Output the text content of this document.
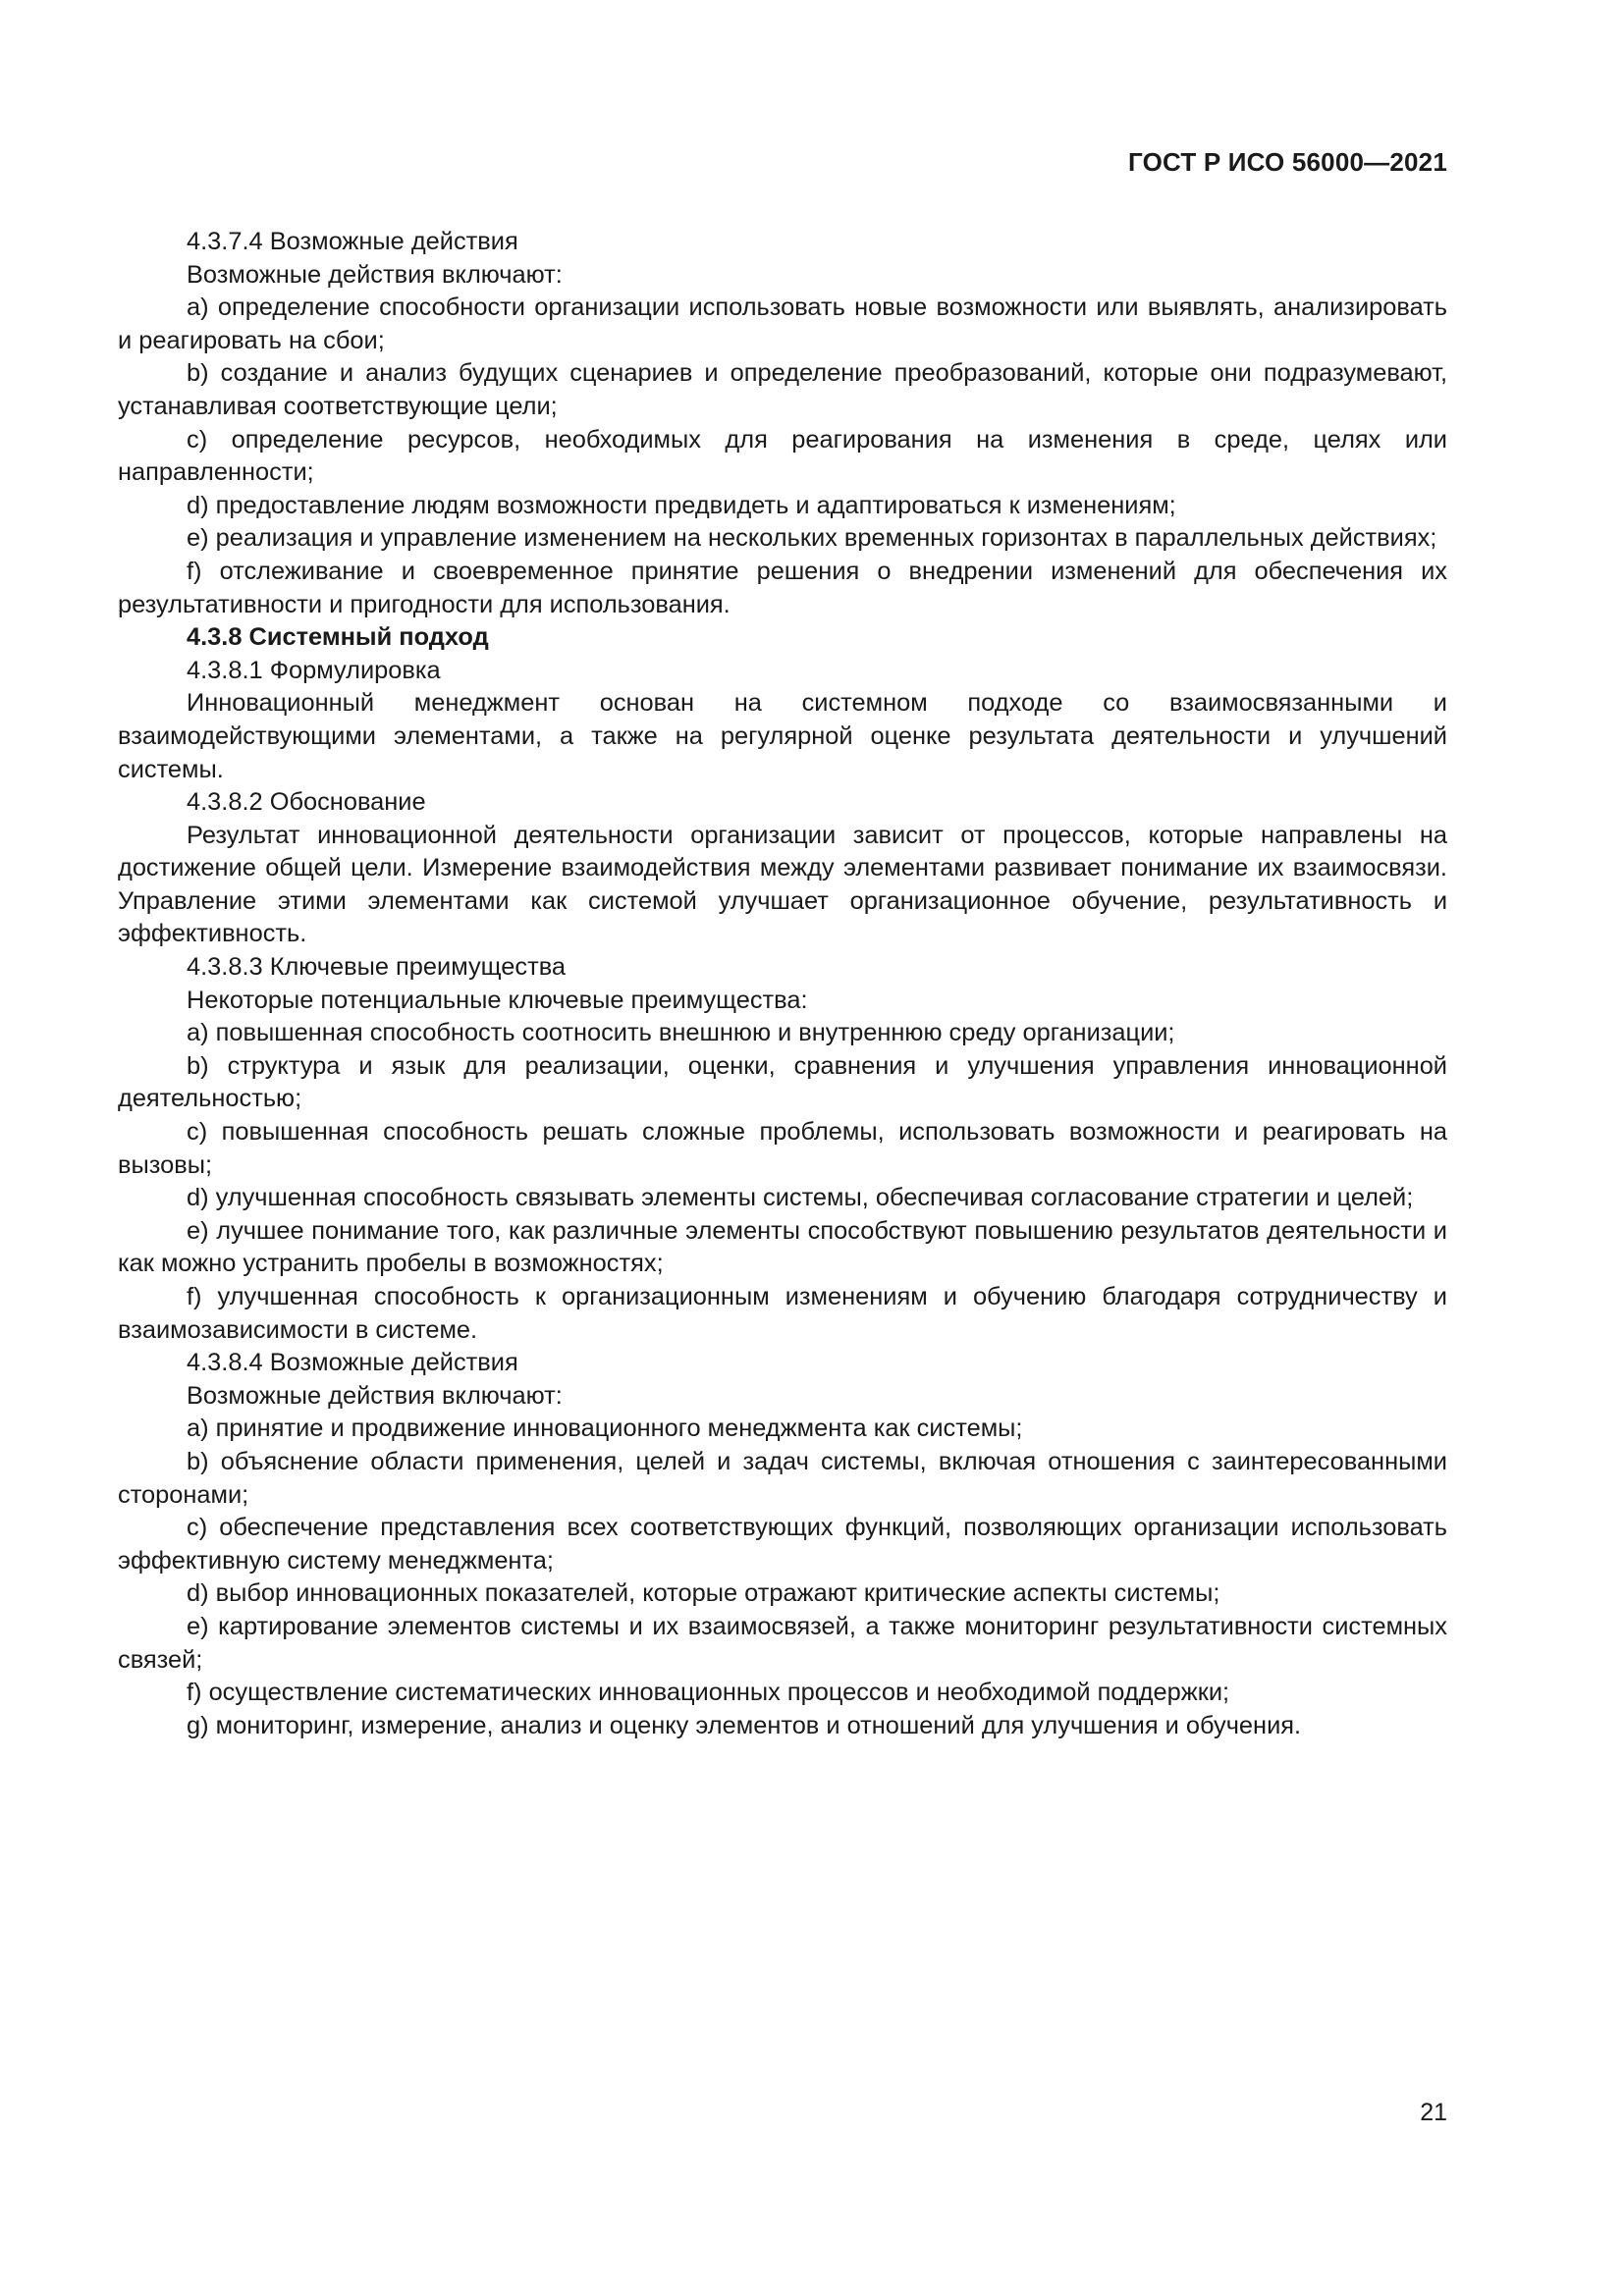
ГОСТ Р ИСО 56000—2021

4.3.7.4 Возможные действия

Возможные действия включают:

a) определение способности организации использовать новые возможности или выявлять, анализировать и реагировать на сбои;

b) создание и анализ будущих сценариев и определение преобразований, которые они подразумевают, устанавливая соответствующие цели;

c) определение ресурсов, необходимых для реагирования на изменения в среде, целях или направленности;

d) предоставление людям возможности предвидеть и адаптироваться к изменениям;

e) реализация и управление изменением на нескольких временных горизонтах в параллельных действиях;

f) отслеживание и своевременное принятие решения о внедрении изменений для обеспечения их результативности и пригодности для использования.

4.3.8 Системный подход

4.3.8.1 Формулировка

Инновационный менеджмент основан на системном подходе со взаимосвязанными и взаимодействующими элементами, а также на регулярной оценке результата деятельности и улучшений системы.

4.3.8.2 Обоснование

Результат инновационной деятельности организации зависит от процессов, которые направлены на достижение общей цели. Измерение взаимодействия между элементами развивает понимание их взаимосвязи. Управление этими элементами как системой улучшает организационное обучение, результативность и эффективность.

4.3.8.3 Ключевые преимущества

Некоторые потенциальные ключевые преимущества:

a) повышенная способность соотносить внешнюю и внутреннюю среду организации;

b) структура и язык для реализации, оценки, сравнения и улучшения управления инновационной деятельностью;

c) повышенная способность решать сложные проблемы, использовать возможности и реагировать на вызовы;

d) улучшенная способность связывать элементы системы, обеспечивая согласование стратегии и целей;

e) лучшее понимание того, как различные элементы способствуют повышению результатов деятельности и как можно устранить пробелы в возможностях;

f) улучшенная способность к организационным изменениям и обучению благодаря сотрудничеству и взаимозависимости в системе.

4.3.8.4 Возможные действия

Возможные действия включают:

a) принятие и продвижение инновационного менеджмента как системы;

b) объяснение области применения, целей и задач системы, включая отношения с заинтересованными сторонами;

c) обеспечение представления всех соответствующих функций, позволяющих организации использовать эффективную систему менеджмента;

d) выбор инновационных показателей, которые отражают критические аспекты системы;

e) картирование элементов системы и их взаимосвязей, а также мониторинг результативности системных связей;

f) осуществление систематических инновационных процессов и необходимой поддержки;

g) мониторинг, измерение, анализ и оценку элементов и отношений для улучшения и обучения.

21
